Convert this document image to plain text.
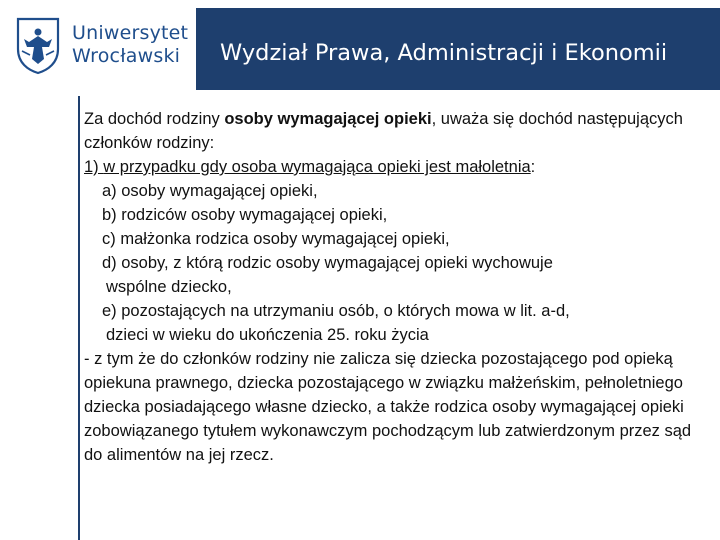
Uniwersytet
Wrocławski	Wydział Prawa, Administracji i Ekonomii

Za dochód rodziny osoby wymagającej opieki, uważa się dochód następujących członków rodziny:

1) w przypadku gdy osoba wymagająca opieki jest małoletnia:

a) osoby wymagającej opieki,

b) rodziców osoby wymagającej opieki,

c) małżonka rodzica osoby wymagającej opieki,

d) osoby, z którą rodzic osoby wymagającej opieki wychowuje

wspólne dziecko,

e) pozostających na utrzymaniu osób, o których mowa w lit. a-d,

dzieci w wieku do ukończenia 25. roku życia

- z tym że do członków rodziny nie zalicza się dziecka pozostającego pod opieką opiekuna prawnego, dziecka pozostającego w związku małżeńskim, pełnoletniego dziecka posiadającego własne dziecko, a także rodzica osoby wymagającej opieki zobowiązanego tytułem wykonawczym pochodzącym lub zatwierdzonym przez sąd do alimentów na jej rzecz.
